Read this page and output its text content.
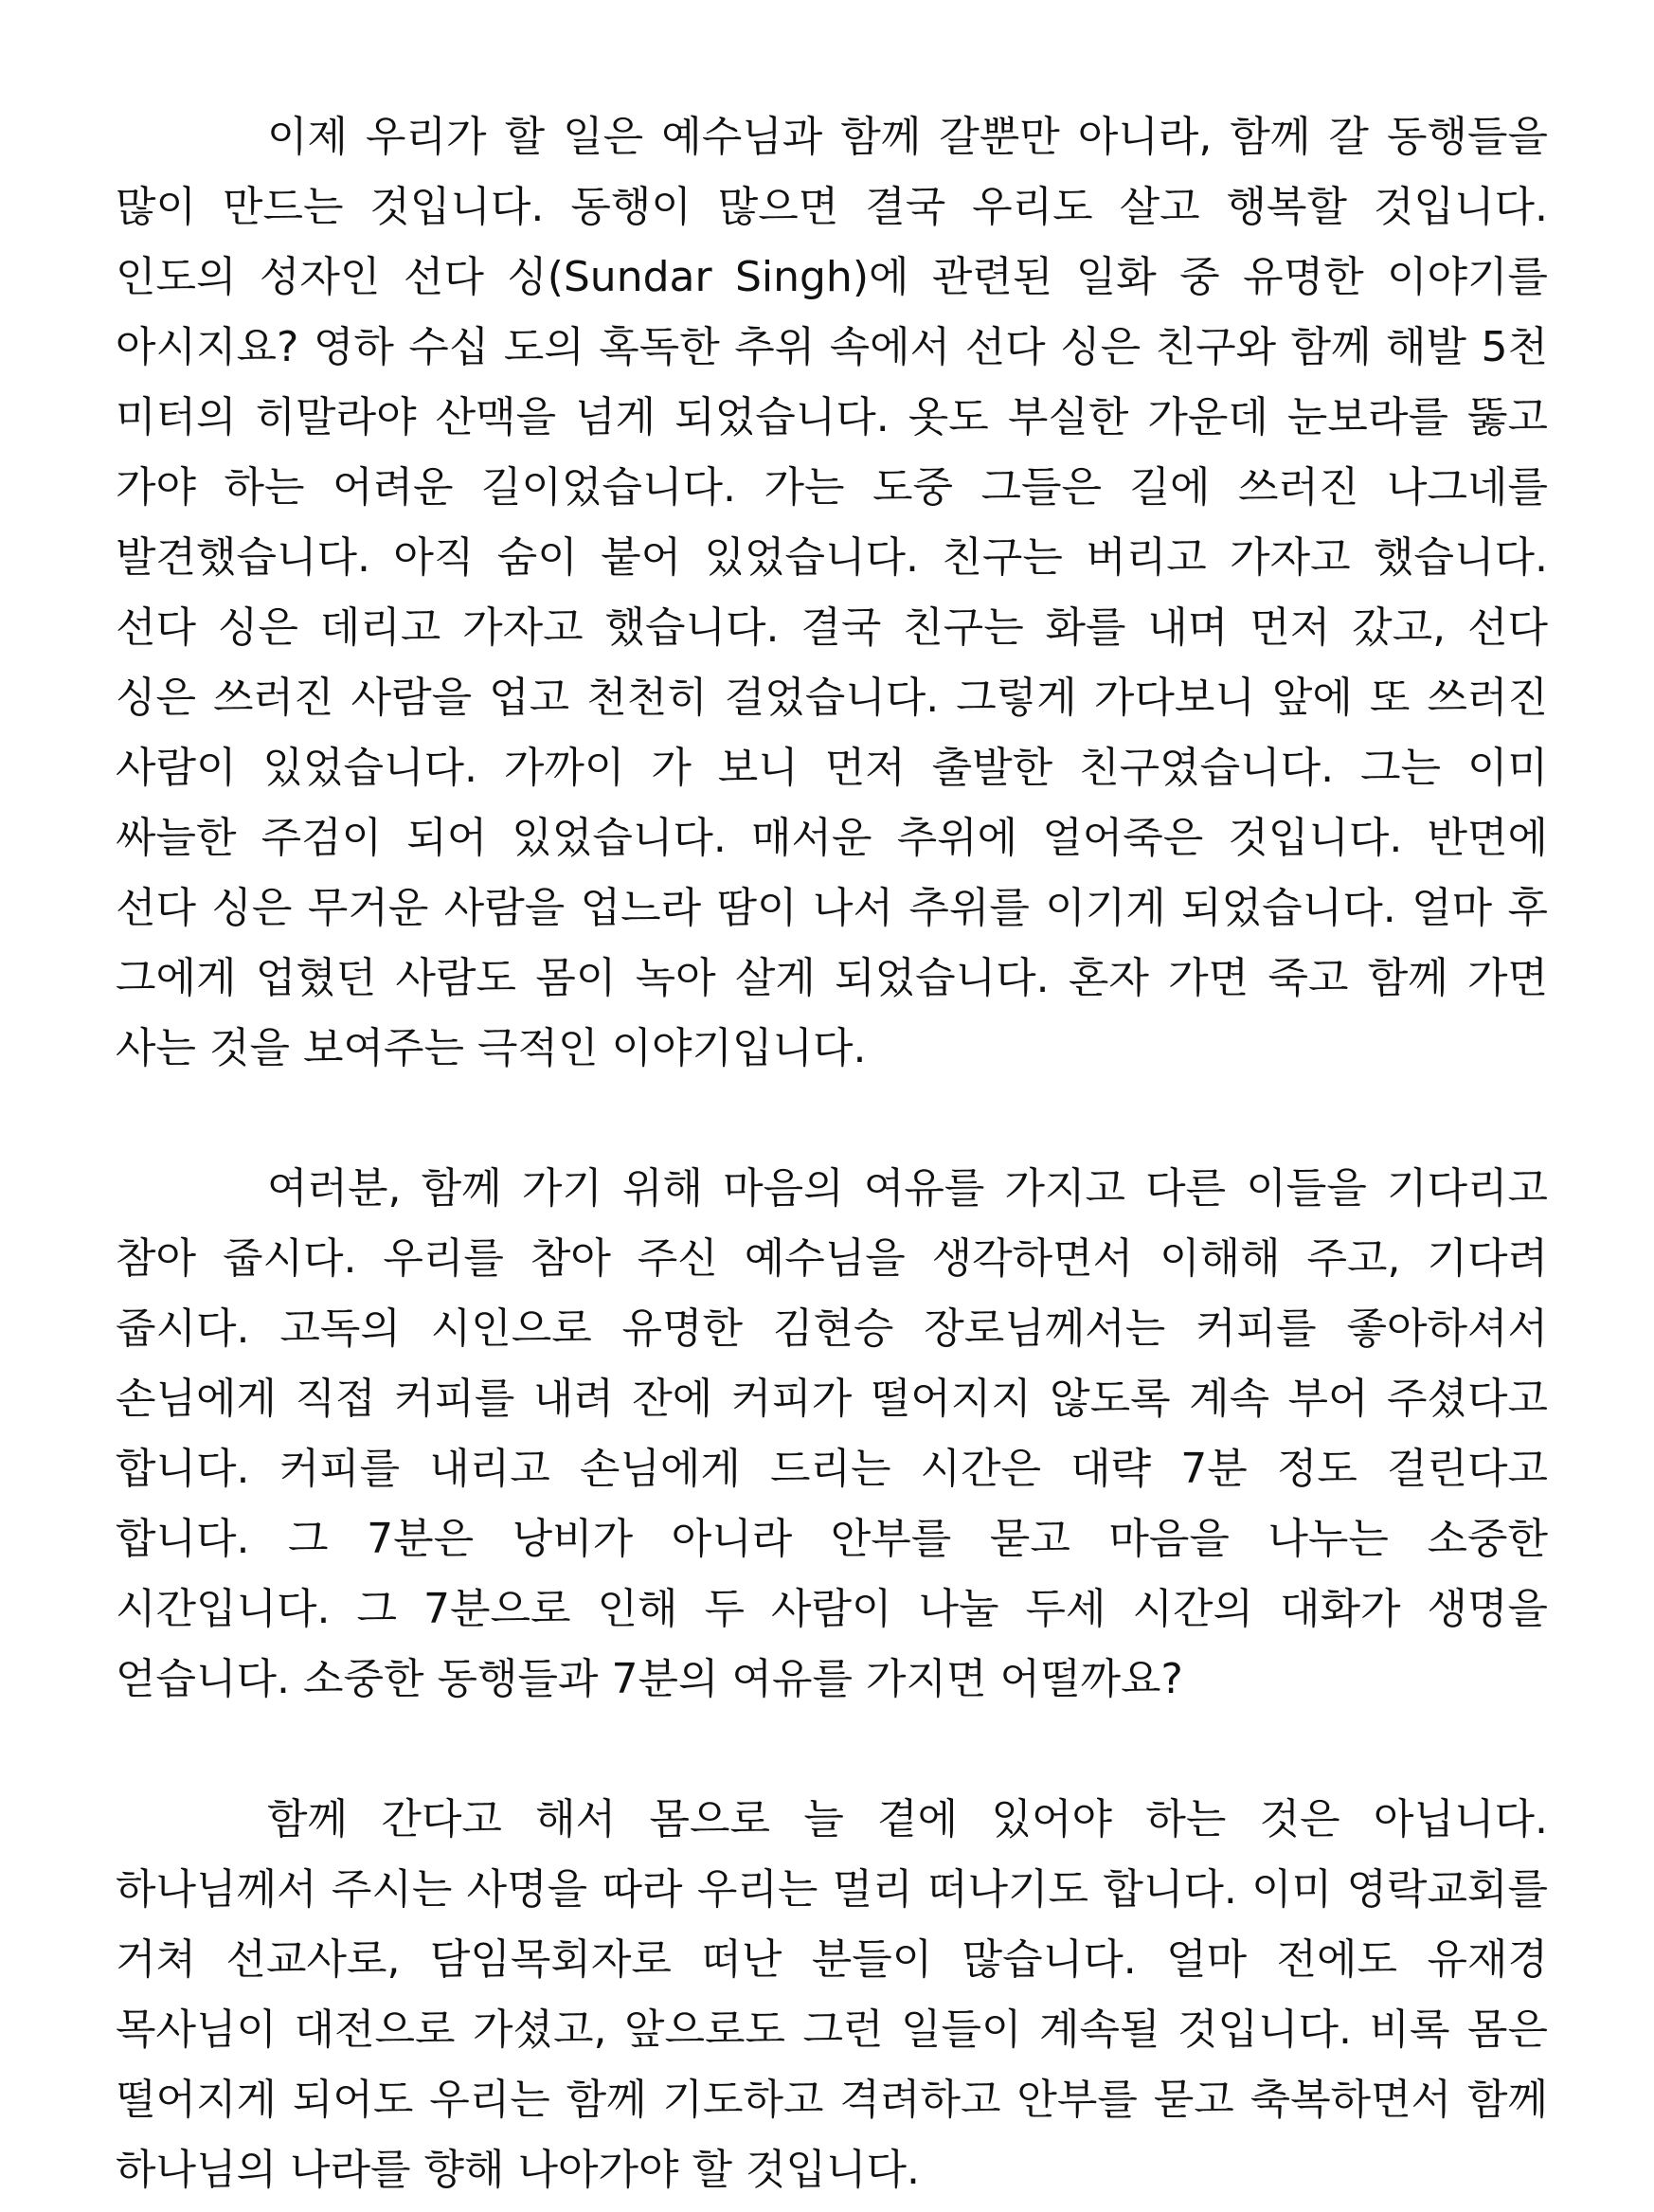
이제 우리가 할 일은 예수님과 함께 갈뿐만 아니라, 함께 갈 동행들을 많이 만드는 것입니다. 동행이 많으면 결국 우리도 살고 행복할 것입니다. 인도의 성자인 선다 싱(Sundar Singh)에 관련된 일화 중 유명한 이야기를 아시지요? 영하 수십 도의 혹독한 추위 속에서 선다 싱은 친구와 함께 해발 5천 미터의 히말라야 산맥을 넘게 되었습니다. 옷도 부실한 가운데 눈보라를 뚫고 가야 하는 어려운 길이었습니다. 가는 도중 그들은 길에 쓰러진 나그네를 발견했습니다. 아직 숨이 붙어 있었습니다. 친구는 버리고 가자고 했습니다. 선다 싱은 데리고 가자고 했습니다. 결국 친구는 화를 내며 먼저 갔고, 선다 싱은 쓰러진 사람을 업고 천천히 걸었습니다. 그렇게 가다보니 앞에 또 쓰러진 사람이 있었습니다. 가까이 가 보니 먼저 출발한 친구였습니다. 그는 이미 싸늘한 주검이 되어 있었습니다. 매서운 추위에 얼어죽은 것입니다. 반면에 선다 싱은 무거운 사람을 업느라 땀이 나서 추위를 이기게 되었습니다. 얼마 후 그에게 업혔던 사람도 몸이 녹아 살게 되었습니다. 혼자 가면 죽고 함께 가면 사는 것을 보여주는 극적인 이야기입니다.

여러분, 함께 가기 위해 마음의 여유를 가지고 다른 이들을 기다리고 참아 줍시다. 우리를 참아 주신 예수님을 생각하면서 이해해 주고, 기다려 줍시다. 고독의 시인으로 유명한 김현승 장로님께서는 커피를 좋아하셔서 손님에게 직접 커피를 내려 잔에 커피가 떨어지지 않도록 계속 부어 주셨다고 합니다. 커피를 내리고 손님에게 드리는 시간은 대략 7분 정도 걸린다고 합니다. 그 7분은 낭비가 아니라 안부를 묻고 마음을 나누는 소중한 시간입니다. 그 7분으로 인해 두 사람이 나눌 두세 시간의 대화가 생명을 얻습니다. 소중한 동행들과 7분의 여유를 가지면 어떨까요?

함께 간다고 해서 몸으로 늘 곁에 있어야 하는 것은 아닙니다. 하나님께서 주시는 사명을 따라 우리는 멀리 떠나기도 합니다. 이미 영락교회를 거쳐 선교사로, 담임목회자로 떠난 분들이 많습니다. 얼마 전에도 유재경 목사님이 대전으로 가셨고, 앞으로도 그런 일들이 계속될 것입니다. 비록 몸은 떨어지게 되어도 우리는 함께 기도하고 격려하고 안부를 묻고 축복하면서 함께 하나님의 나라를 향해 나아가야 할 것입니다.
